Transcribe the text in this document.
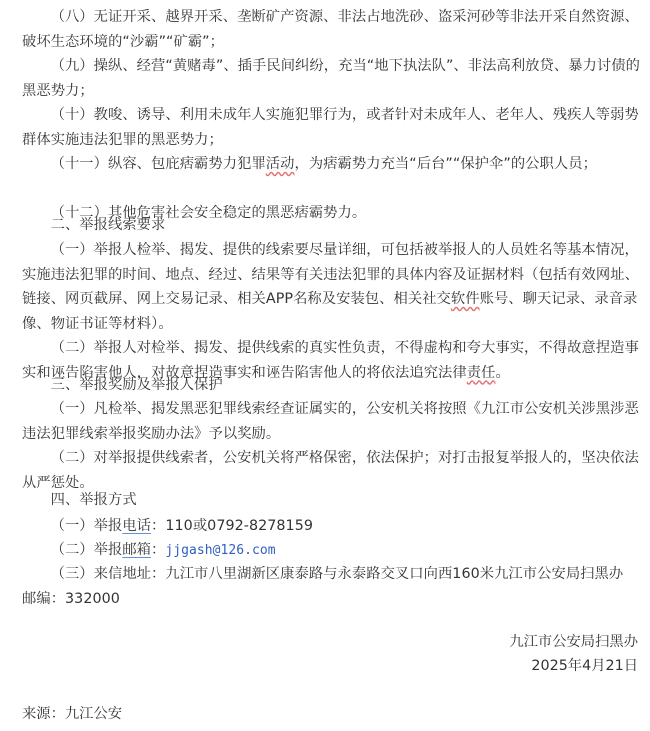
（八）无证开采、越界开采、垄断矿产资源、非法占地洗砂、盗采河砂等非法开采自然资源、破坏生态环境的“沙霸”“矿霸”；

（九）操纵、经营“黄赌毒”、插手民间纠纷，充当“地下执法队”、非法高利放贷、暴力讨债的黑恶势力；

（十）教唆、诱导、利用未成年人实施犯罪行为，或者针对未成年人、老年人、残疾人等弱势群体实施违法犯罪的黑恶势力；

（十一）纵容、包庇痞霸势力犯罪活动，为痞霸势力充当“后台”“保护伞”的公职人员；

（十二）其他危害社会安全稳定的黑恶痞霸势力。

二、举报线索要求

（一）举报人检举、揭发、提供的线索要尽量详细，可包括被举报人的人员姓名等基本情况，实施违法犯罪的时间、地点、经过、结果等有关违法犯罪的具体内容及证据材料（包括有效网址、链接、网页截屏、网上交易记录、相关APP名称及安装包、相关社交软件账号、聊天记录、录音录像、物证书证等材料）。

（二）举报人对检举、揭发、提供线索的真实性负责，不得虚构和夸大事实，不得故意捏造事实和诬告陷害他人，对故意捏造事实和诬告陷害他人的将依法追究法律责任。

三、举报奖励及举报人保护

（一）凡检举、揭发黑恶犯罪线索经查证属实的，公安机关将按照《九江市公安机关涉黑涉恶违法犯罪线索举报奖励办法》予以奖励。

（二）对举报提供线索者，公安机关将严格保密，依法保护；对打击报复举报人的，坚决依法从严惩处。

四、举报方式
（一）举报电话：110或0792-8278159
（二）举报邮箱：jjgash@126.com

（三）来信地址：九江市八里湖新区康泰路与永泰路交叉口向西160米九江市公安局扫黑办 邮编：332000

九江市公安局扫黑办
2025年4月21日
来源：九江公安
